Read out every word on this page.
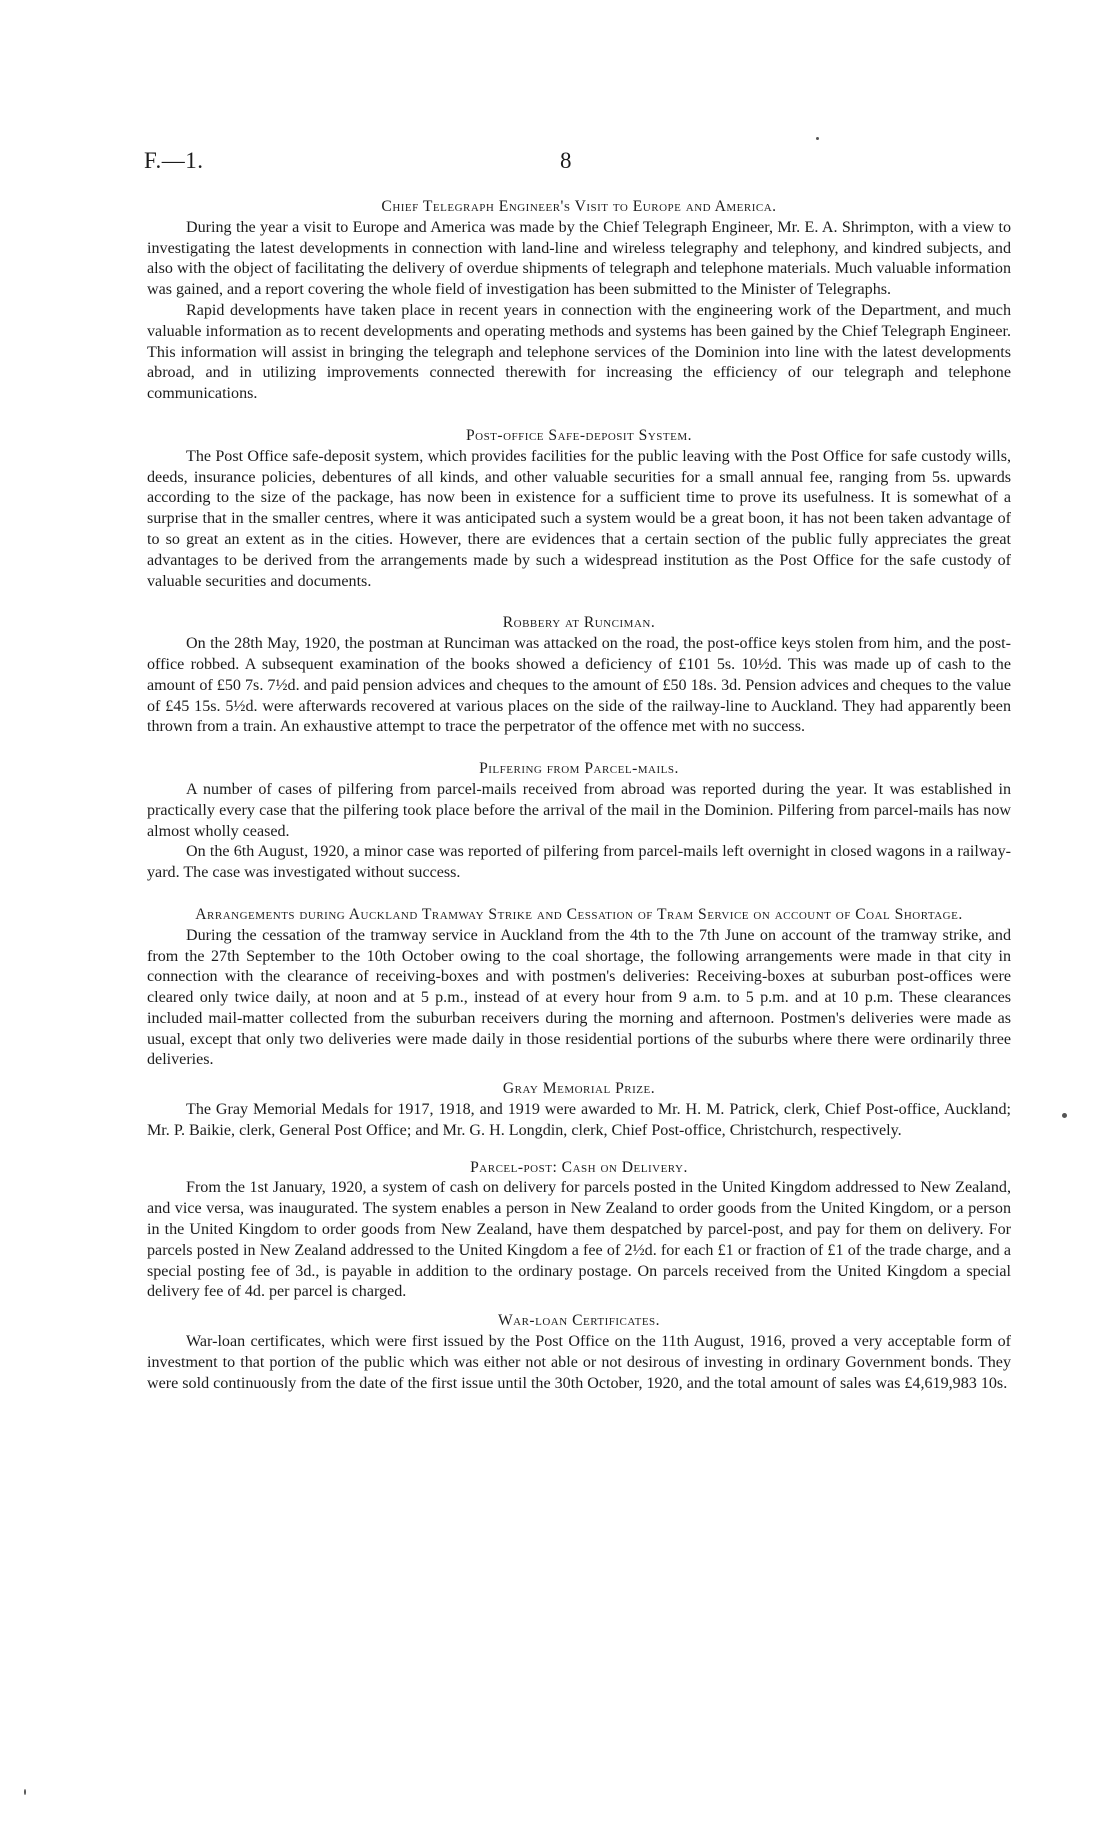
F.—1.	8
Chief Telegraph Engineer's Visit to Europe and America.

During the year a visit to Europe and America was made by the Chief Telegraph Engineer, Mr. E. A. Shrimpton, with a view to investigating the latest developments in connection with land-line and wireless telegraphy and telephony, and kindred subjects, and also with the object of facilitating the delivery of overdue shipments of telegraph and telephone materials. Much valuable information was gained, and a report covering the whole field of investigation has been submitted to the Minister of Telegraphs.

Rapid developments have taken place in recent years in connection with the engineering work of the Department, and much valuable information as to recent developments and operating methods and systems has been gained by the Chief Telegraph Engineer. This information will assist in bringing the telegraph and telephone services of the Dominion into line with the latest developments abroad, and in utilizing improvements connected therewith for increasing the efficiency of our telegraph and telephone communications.

Post-office Safe-deposit System.

The Post Office safe-deposit system, which provides facilities for the public leaving with the Post Office for safe custody wills, deeds, insurance policies, debentures of all kinds, and other valuable securities for a small annual fee, ranging from 5s. upwards according to the size of the package, has now been in existence for a sufficient time to prove its usefulness. It is somewhat of a surprise that in the smaller centres, where it was anticipated such a system would be a great boon, it has not been taken advantage of to so great an extent as in the cities. However, there are evidences that a certain section of the public fully appreciates the great advantages to be derived from the arrangements made by such a widespread institution as the Post Office for the safe custody of valuable securities and documents.

Robbery at Runciman.

On the 28th May, 1920, the postman at Runciman was attacked on the road, the post-office keys stolen from him, and the post-office robbed. A subsequent examination of the books showed a deficiency of £101 5s. 10½d. This was made up of cash to the amount of £50 7s. 7½d. and paid pension advices and cheques to the amount of £50 18s. 3d. Pension advices and cheques to the value of £45 15s. 5½d. were afterwards recovered at various places on the side of the railway-line to Auckland. They had apparently been thrown from a train. An exhaustive attempt to trace the perpetrator of the offence met with no success.

Pilfering from Parcel-mails.

A number of cases of pilfering from parcel-mails received from abroad was reported during the year. It was established in practically every case that the pilfering took place before the arrival of the mail in the Dominion. Pilfering from parcel-mails has now almost wholly ceased.

On the 6th August, 1920, a minor case was reported of pilfering from parcel-mails left overnight in closed wagons in a railway-yard. The case was investigated without success.

Arrangements during Auckland Tramway Strike and Cessation of Tram Service on account of Coal Shortage.

During the cessation of the tramway service in Auckland from the 4th to the 7th June on account of the tramway strike, and from the 27th September to the 10th October owing to the coal shortage, the following arrangements were made in that city in connection with the clearance of receiving-boxes and with postmen's deliveries: Receiving-boxes at suburban post-offices were cleared only twice daily, at noon and at 5 p.m., instead of at every hour from 9 a.m. to 5 p.m. and at 10 p.m. These clearances included mail-matter collected from the suburban receivers during the morning and afternoon. Postmen's deliveries were made as usual, except that only two deliveries were made daily in those residential portions of the suburbs where there were ordinarily three deliveries.

Gray Memorial Prize.

The Gray Memorial Medals for 1917, 1918, and 1919 were awarded to Mr. H. M. Patrick, clerk, Chief Post-office, Auckland; Mr. P. Baikie, clerk, General Post Office; and Mr. G. H. Longdin, clerk, Chief Post-office, Christchurch, respectively.

Parcel-post: Cash on Delivery.

From the 1st January, 1920, a system of cash on delivery for parcels posted in the United Kingdom addressed to New Zealand, and vice versa, was inaugurated. The system enables a person in New Zealand to order goods from the United Kingdom, or a person in the United Kingdom to order goods from New Zealand, have them despatched by parcel-post, and pay for them on delivery. For parcels posted in New Zealand addressed to the United Kingdom a fee of 2½d. for each £1 or fraction of £1 of the trade charge, and a special posting fee of 3d., is payable in addition to the ordinary postage. On parcels received from the United Kingdom a special delivery fee of 4d. per parcel is charged.

War-loan Certificates.

War-loan certificates, which were first issued by the Post Office on the 11th August, 1916, proved a very acceptable form of investment to that portion of the public which was either not able or not desirous of investing in ordinary Government bonds. They were sold continuously from the date of the first issue until the 30th October, 1920, and the total amount of sales was £4,619,983 10s.
